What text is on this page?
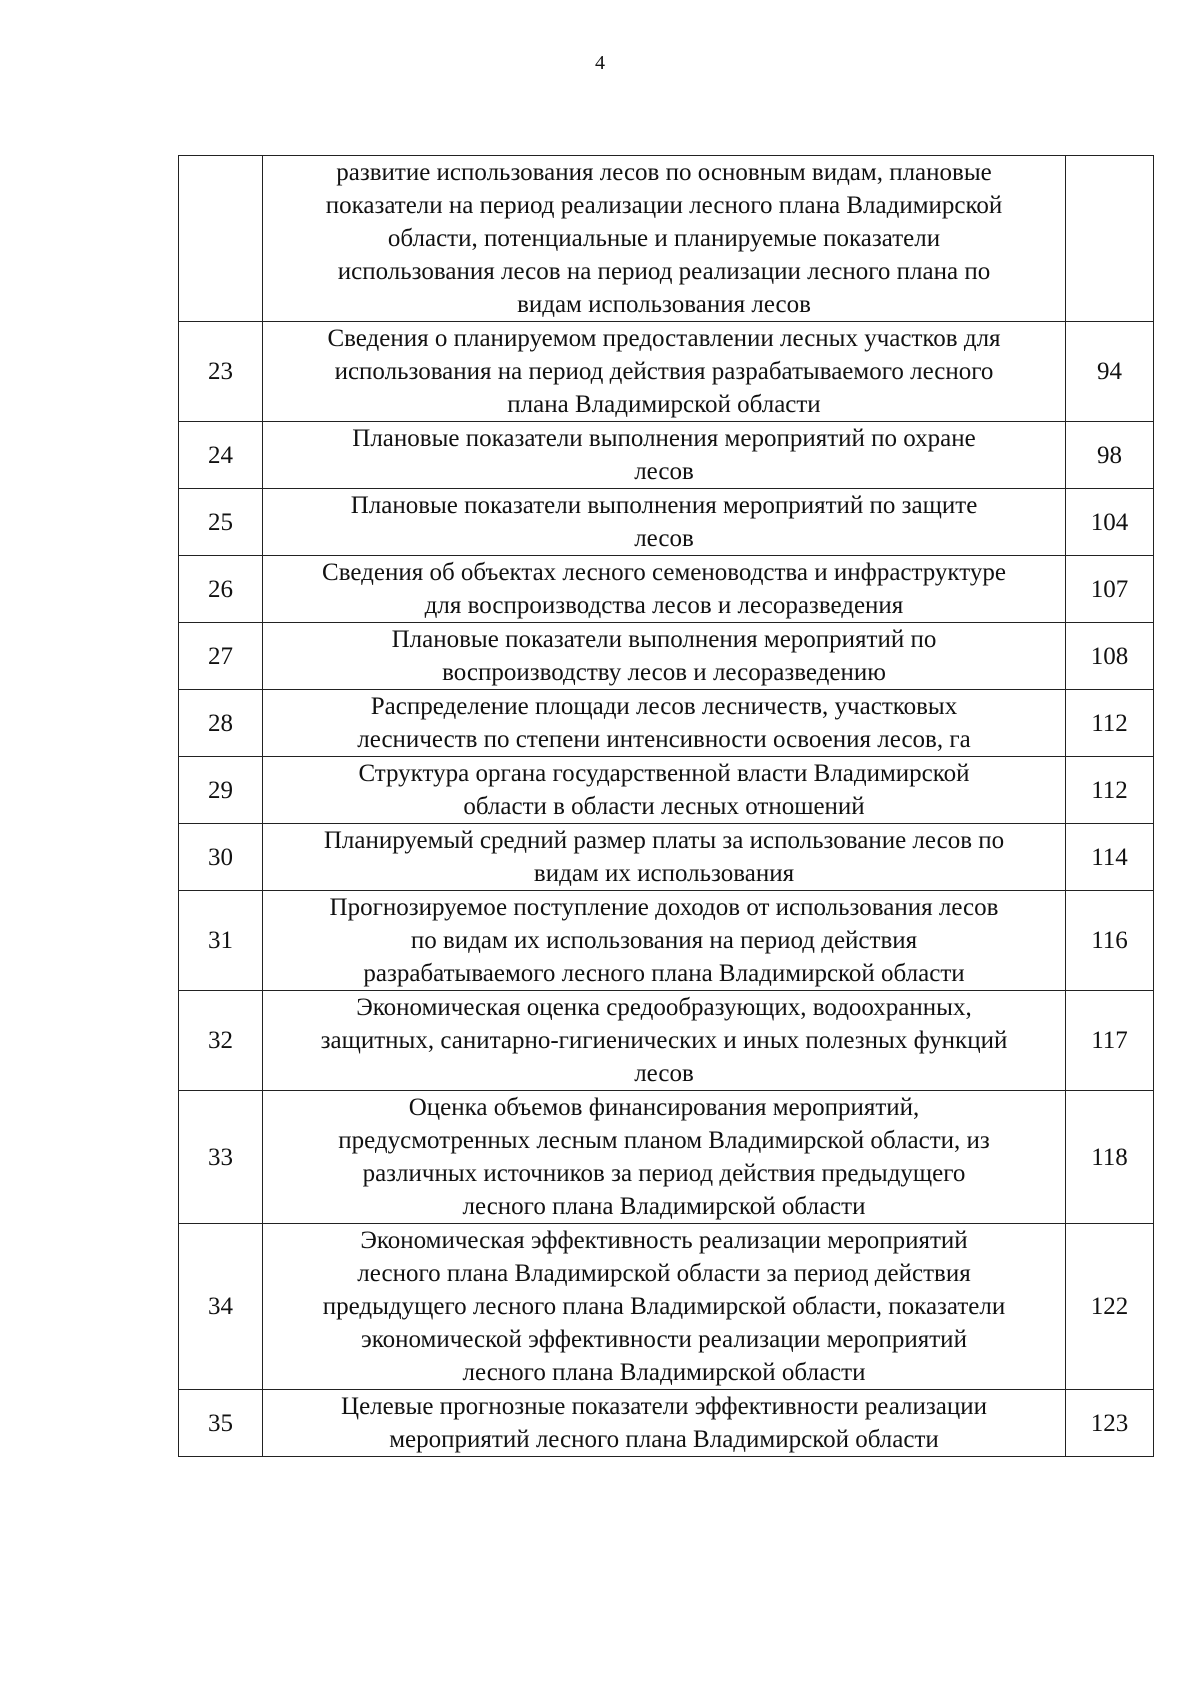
4

	развитие использования лесов по основным видам, плановые
показатели на период реализации лесного плана Владимирской
области, потенциальные и планируемые показатели
использования лесов на период реализации лесного плана по
видам использования лесов	

23	Сведения о планируемом предоставлении лесных участков для
использования на период действия разрабатываемого лесного
плана Владимирской области	94
24	Плановые показатели выполнения мероприятий по охране
лесов	98
25	Плановые показатели выполнения мероприятий по защите
лесов	104
26	Сведения об объектах лесного семеноводства и инфраструктуре
для воспроизводства лесов и лесоразведения	107
27	Плановые показатели выполнения мероприятий по
воспроизводству лесов и лесоразведению	108
28	Распределение площади лесов лесничеств, участковых
лесничеств по степени интенсивности освоения лесов, га	112
29	Структура органа государственной власти Владимирской
области в области лесных отношений	112
30	Планируемый средний размер платы за использование лесов по
видам их использования	114
31	Прогнозируемое поступление доходов от использования лесов
по видам их использования на период действия
разрабатываемого лесного плана Владимирской области	116
32	Экономическая оценка средообразующих, водоохранных,
защитных, санитарно-гигиенических и иных полезных функций
лесов	117
33	Оценка объемов финансирования мероприятий,
предусмотренных лесным планом Владимирской области, из
различных источников за период действия предыдущего
лесного плана Владимирской области	118
34	Экономическая эффективность реализации мероприятий
лесного плана Владимирской области за период действия
предыдущего лесного плана Владимирской области, показатели
экономической эффективности реализации мероприятий
лесного плана Владимирской области	122
35	Целевые прогнозные показатели эффективности реализации
мероприятий лесного плана Владимирской области	123
